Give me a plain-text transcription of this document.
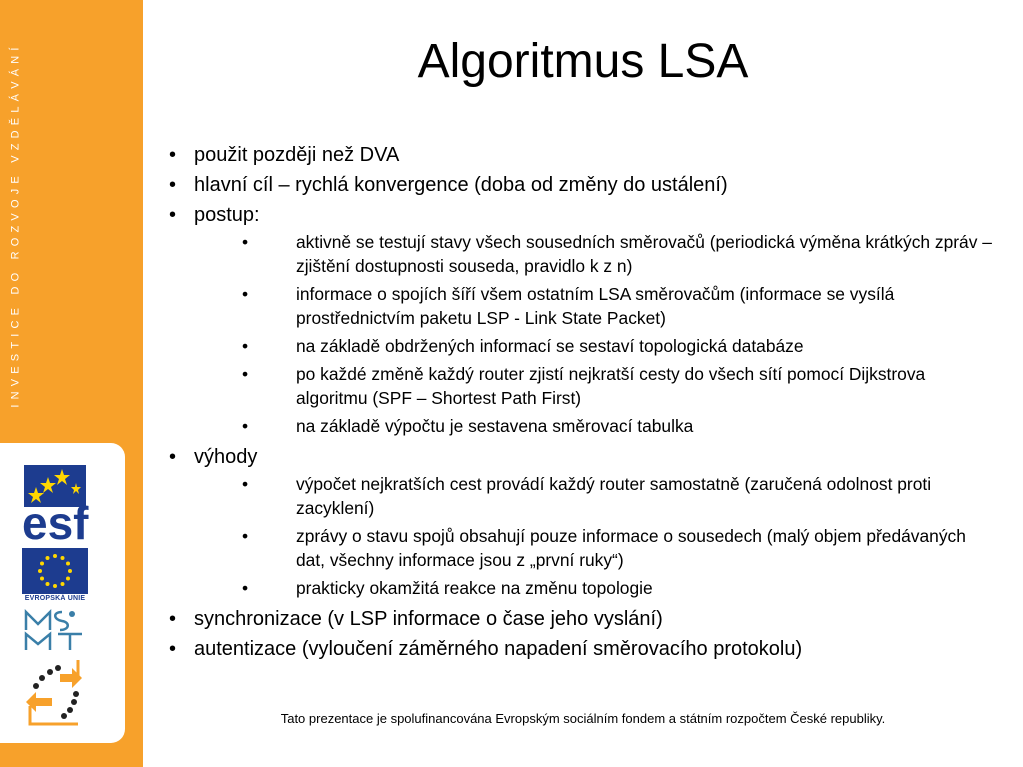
INVESTICE DO ROZVOJE VZDĚLÁVÁNÍ
esf
EVROPSKÁ UNIE
Algoritmus LSA
• použit později než DVA
• hlavní cíl – rychlá konvergence (doba od změny do ustálení)
• postup:
• aktivně se testují stavy všech sousedních směrovačů (periodická výměna krátkých zpráv – zjištění dostupnosti souseda, pravidlo k z n)
• informace o spojích šíří všem ostatním LSA směrovačům (informace se vysílá prostřednictvím paketu LSP - Link State Packet)
• na základě obdržených informací se sestaví topologická databáze
• po každé změně každý router zjistí nejkratší cesty do všech sítí pomocí Dijkstrova algoritmu (SPF – Shortest Path First)
• na základě výpočtu je sestavena směrovací tabulka
• výhody
• výpočet nejkratších cest provádí každý router samostatně (zaručená odolnost proti zacyklení)
• zprávy o stavu spojů obsahují pouze informace o sousedech (malý objem předávaných dat, všechny informace jsou z „první ruky“)
• prakticky okamžitá reakce na změnu topologie
• synchronizace (v LSP informace o čase jeho vyslání)
• autentizace (vyloučení záměrného napadení směrovacího protokolu)
Tato prezentace je spolufinancována Evropským sociálním fondem a státním rozpočtem České republiky.
